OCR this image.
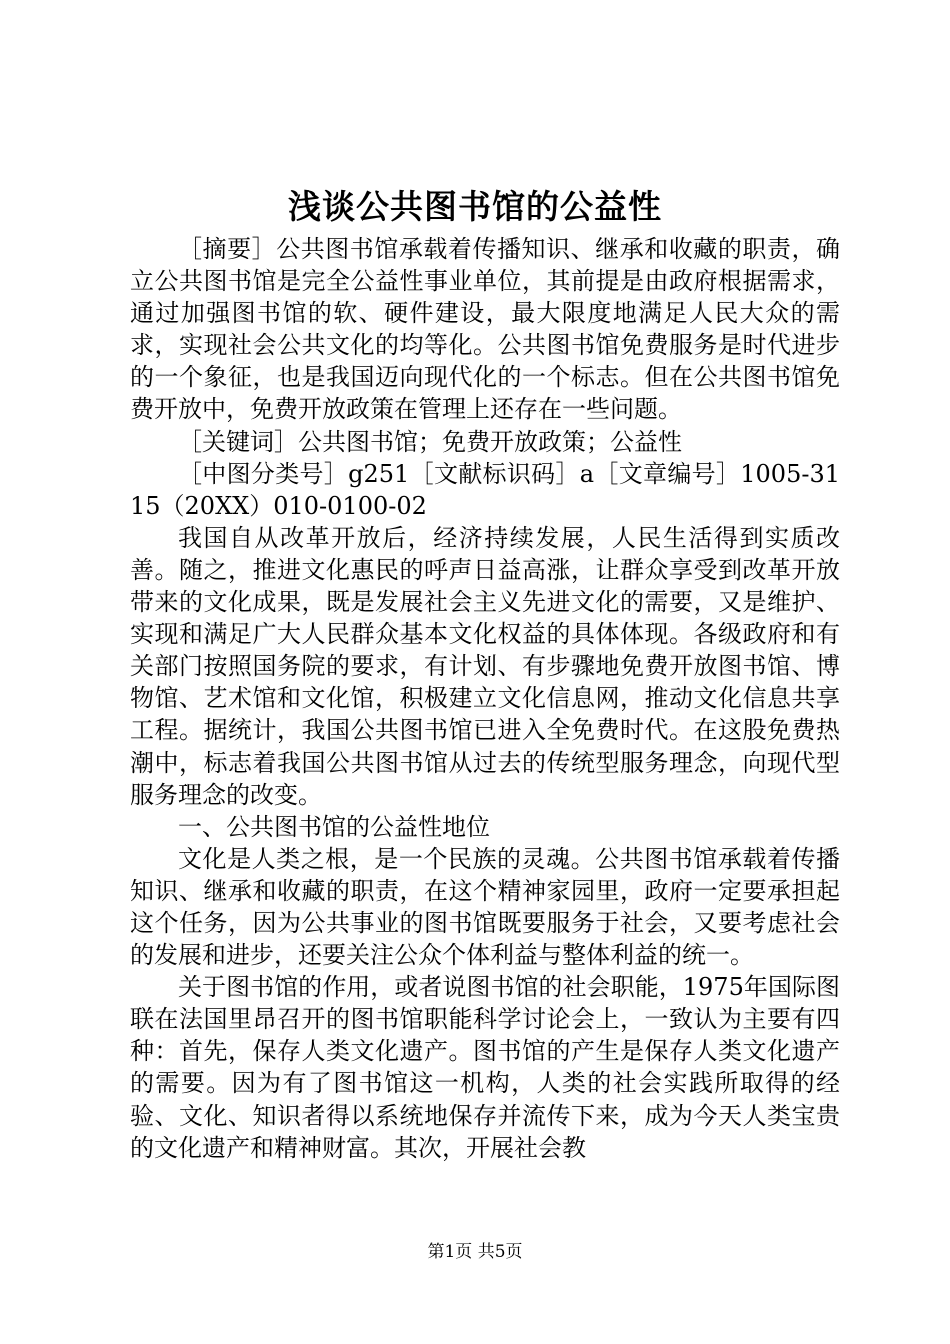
浅谈公共图书馆的公益性

［摘要］公共图书馆承载着传播知识、继承和收藏的职责，确立公共图书馆是完全公益性事业单位，其前提是由政府根据需求，通过加强图书馆的软、硬件建设，最大限度地满足人民大众的需求，实现社会公共文化的均等化。公共图书馆免费服务是时代进步的一个象征，也是我国迈向现代化的一个标志。但在公共图书馆免费开放中，免费开放政策在管理上还存在一些问题。

［关键词］公共图书馆；免费开放政策；公益性

［中图分类号］g251［文献标识码］a［文章编号］1005-3115（20XX）010-0100-02

我国自从改革开放后，经济持续发展，人民生活得到实质改善。随之，推进文化惠民的呼声日益高涨，让群众享受到改革开放带来的文化成果，既是发展社会主义先进文化的需要，又是维护、实现和满足广大人民群众基本文化权益的具体体现。各级政府和有关部门按照国务院的要求，有计划、有步骤地免费开放图书馆、博物馆、艺术馆和文化馆，积极建立文化信息网，推动文化信息共享工程。据统计，我国公共图书馆已进入全免费时代。在这股免费热潮中，标志着我国公共图书馆从过去的传统型服务理念，向现代型服务理念的改变。

一、公共图书馆的公益性地位

文化是人类之根，是一个民族的灵魂。公共图书馆承载着传播知识、继承和收藏的职责，在这个精神家园里，政府一定要承担起这个任务，因为公共事业的图书馆既要服务于社会，又要考虑社会的发展和进步，还要关注公众个体利益与整体利益的统一。

关于图书馆的作用，或者说图书馆的社会职能，1975年国际图联在法国里昂召开的图书馆职能科学讨论会上，一致认为主要有四种：首先，保存人类文化遗产。图书馆的产生是保存人类文化遗产的需要。因为有了图书馆这一机构，人类的社会实践所取得的经验、文化、知识者得以系统地保存并流传下来，成为今天人类宝贵的文化遗产和精神财富。其次，开展社会教

第1页 共5页
